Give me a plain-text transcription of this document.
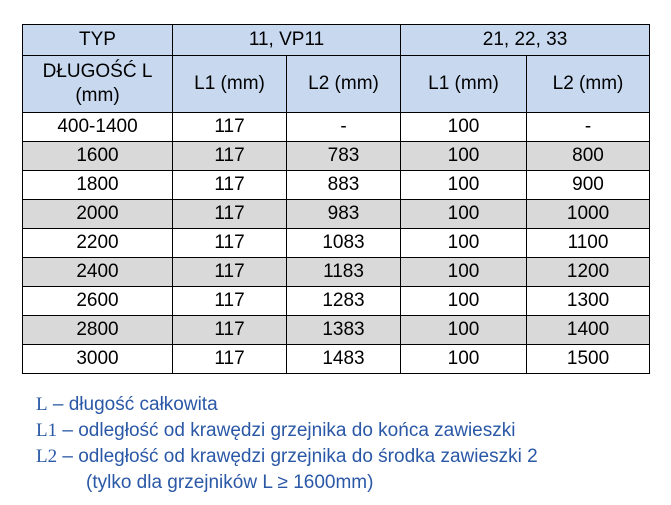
TYP	11, VP11		21, 22, 33	
DŁUGOŚĆ L (mm)	L1 (mm)	L2 (mm)	L1 (mm)	L2 (mm)
400-1400	117	-	100	-
1600	117	783	100	800
1800	117	883	100	900
2000	117	983	100	1000
2200	117	1083	100	1100
2400	117	1183	100	1200
2600	117	1283	100	1300
2800	117	1383	100	1400
3000	117	1483	100	1500
L – długość całkowita
L1 – odległość od krawędzi grzejnika do końca zawieszki
L2 – odległość od krawędzi grzejnika do środka zawieszki 2
(tylko dla grzejników L ≥ 1600mm)
